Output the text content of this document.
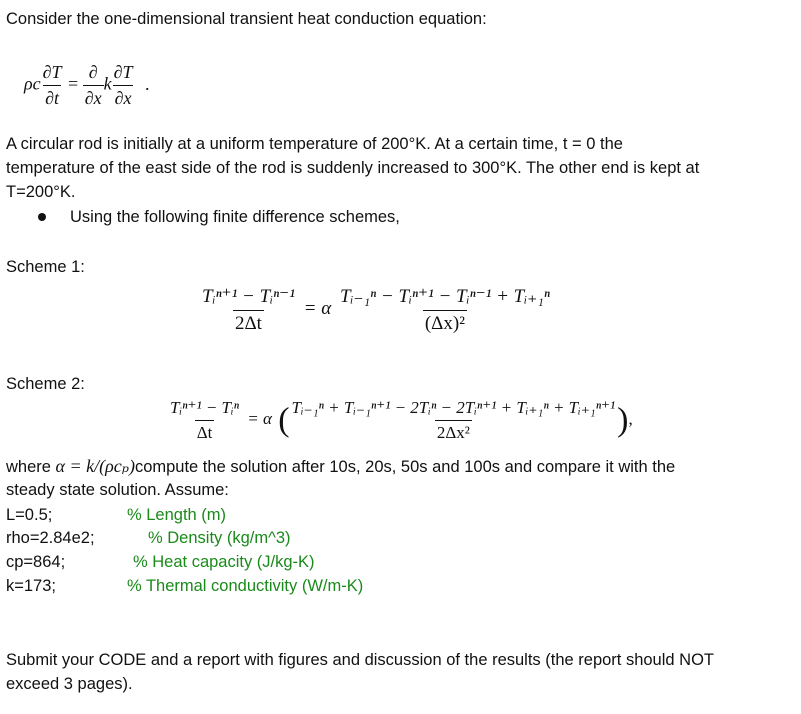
Consider the one-dimensional transient heat conduction equation:

ρc $\frac{\partial T}{\partial t} = \frac{\partial}{\partial x}$ k $\frac{\partial T}{\partial x}$ .

A circular rod is initially at a uniform temperature of 200°K. At a certain time, t = 0 the

temperature of the east side of the rod is suddenly increased to 300°K. The other end is kept at

T=200°K.

Using the following finite difference schemes,

Scheme 1:

$\frac{\text{Tᵢⁿ⁺¹ − Tᵢⁿ⁻¹}}{2\Delta t} = \alpha \frac{\text{Tᵢ₋₁ⁿ − Tᵢⁿ⁺¹ − Tᵢⁿ⁻¹ + Tᵢ₊₁ⁿ}}{\text{(Δx)²}}$

Scheme 2:

$\frac{\text{Tᵢⁿ⁺¹ − Tᵢⁿ}}{\Delta t} = \alpha$ ( $\frac{\text{Tᵢ₋₁ⁿ + Tᵢ₋₁ⁿ⁺¹ − 2Tᵢⁿ − 2Tᵢⁿ⁺¹ + Tᵢ₊₁ⁿ + Tᵢ₊₁ⁿ⁺¹}}{\text{2Δx²}}$ ),

where α = k/(ρcₚ)compute the solution after 10s, 20s, 50s and 100s and compare it with the

steady state solution. Assume:

L=0.5;	% Length (m)

rho=2.84e2;	% Density (kg/m^3)

cp=864;	% Heat capacity (J/kg-K)

k=173;	% Thermal conductivity (W/m-K)

Submit your CODE and a report with figures and discussion of the results (the report should NOT

exceed 3 pages).
